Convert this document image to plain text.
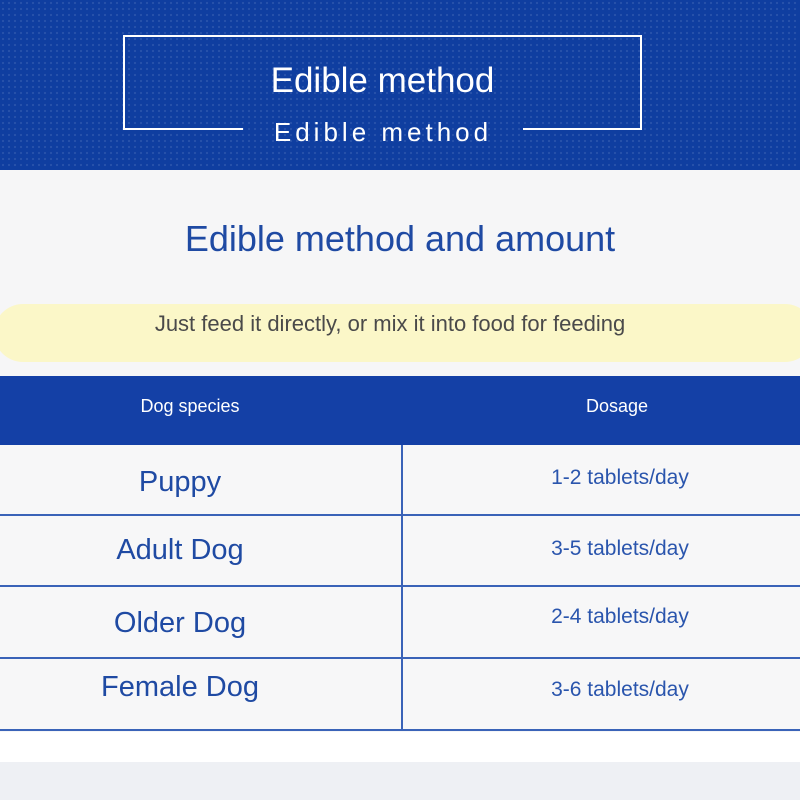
Edible method
Edible method
Edible method and amount
Just feed it directly, or mix it into food for feeding
Dog species	Dosage
Puppy	1-2 tablets/day
Adult Dog	3-5 tablets/day
Older Dog	2-4 tablets/day
Female Dog	3-6 tablets/day
